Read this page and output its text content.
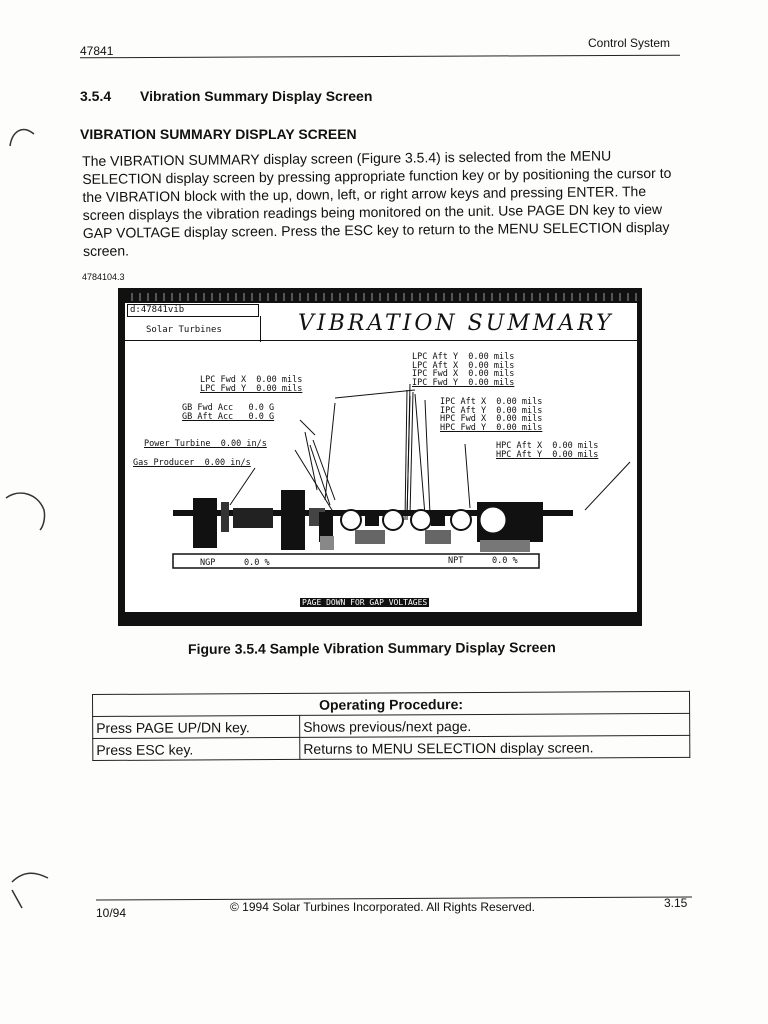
47841
Control System
3.5.4 Vibration Summary Display Screen
VIBRATION SUMMARY DISPLAY SCREEN
The VIBRATION SUMMARY display screen (Figure 3.5.4) is selected from the MENU SELECTION display screen by pressing appropriate function key or by positioning the cursor to the VIBRATION block with the up, down, left, or right arrow keys and pressing ENTER. The screen displays the vibration readings being monitored on the unit. Use PAGE DN key to view GAP VOLTAGE display screen. Press the ESC key to return to the MENU SELECTION display screen.
4784104.3
d:47841vib
Solar Turbines	VIBRATION SUMMARY
LPC Aft Y  0.00 mils
LPC Aft X  0.00 mils
IPC Fwd X  0.00 mils
IPC Fwd Y  0.00 mils
LPC Fwd X  0.00 mils
LPC Fwd Y  0.00 mils
GB Fwd Acc   0.0 G
GB Aft Acc   0.0 G
IPC Aft X  0.00 mils
IPC Aft Y  0.00 mils
HPC Fwd X  0.00 mils
HPC Fwd Y  0.00 mils
Power Turbine  0.00 in/s	HPC Aft X  0.00 mils
HPC Aft Y  0.00 mils
Gas Producer  0.00 in/s
NGP	0.0 %	NPT	0.0 %
PAGE DOWN FOR GAP VOLTAGES
Figure 3.5.4 Sample Vibration Summary Display Screen
Operating Procedure:	
Press PAGE UP/DN key.	Shows previous/next page.
Press ESC key.	Returns to MENU SELECTION display screen.
10/94	© 1994 Solar Turbines Incorporated. All Rights Reserved.	3.15
